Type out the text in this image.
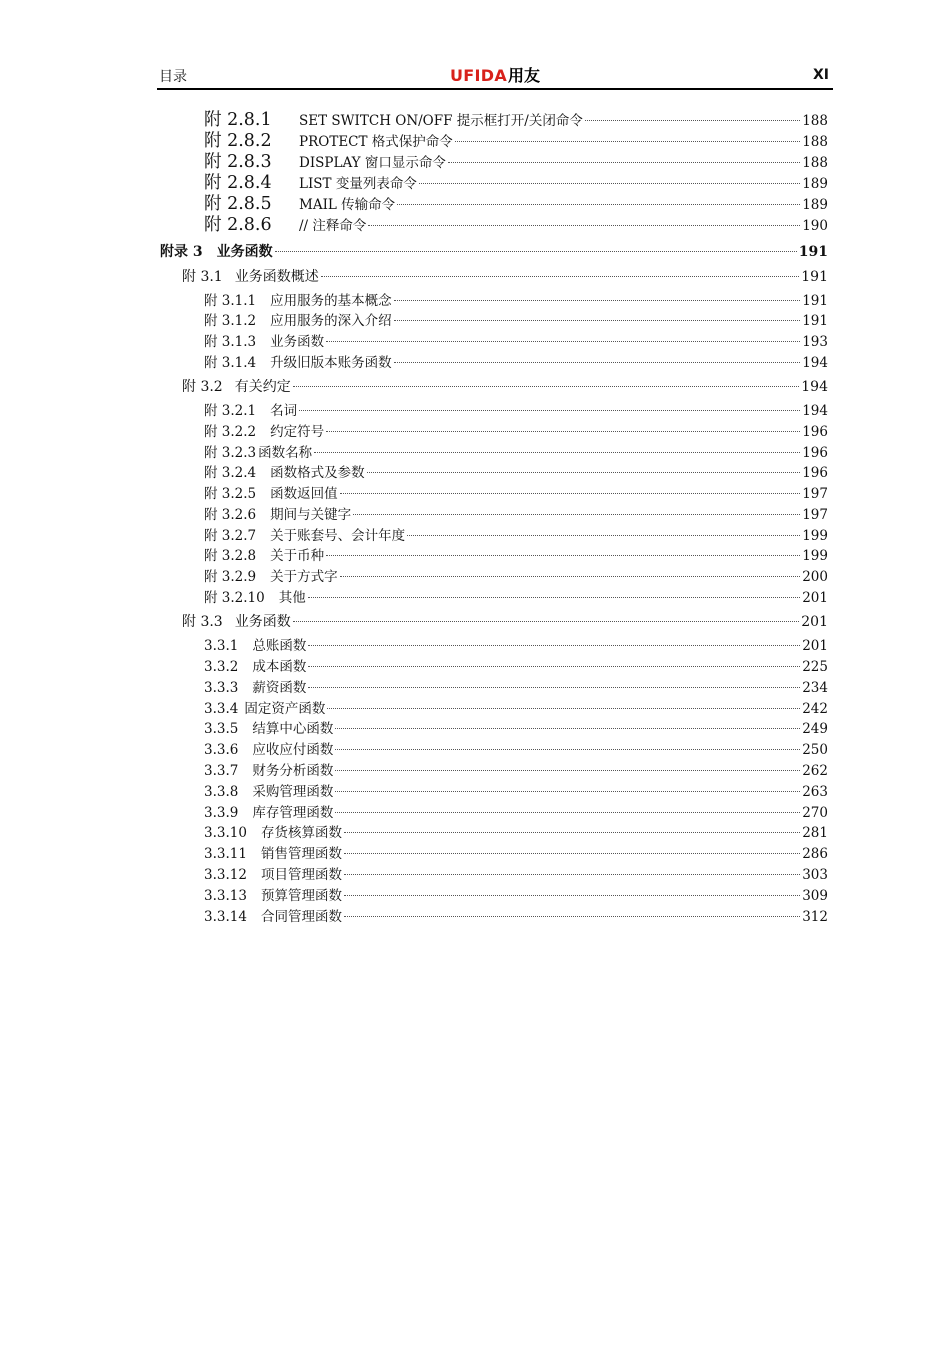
目录	UFIDA用友	XI
附 2.8.1	SET SWITCH ON/OFF 提示框打开/关闭命令	188
附 2.8.2	PROTECT 格式保护命令	188
附 2.8.3	DISPLAY 窗口显示命令	188
附 2.8.4	LIST 变量列表命令	189
附 2.8.5	MAIL 传输命令	189
附 2.8.6	// 注释命令	190
附录 3 业务函数	191
附 3.1 业务函数概述	191
附 3.1.1 应用服务的基本概念	191
附 3.1.2 应用服务的深入介绍	191
附 3.1.3 业务函数	193
附 3.1.4 升级旧版本账务函数	194
附 3.2 有关约定	194
附 3.2.1 名词	194
附 3.2.2 约定符号	196
附 3.2.3 函数名称	196
附 3.2.4 函数格式及参数	196
附 3.2.5 函数返回值	197
附 3.2.6 期间与关键字	197
附 3.2.7 关于账套号、会计年度	199
附 3.2.8 关于币种	199
附 3.2.9 关于方式字	200
附 3.2.10 其他	201
附 3.3 业务函数	201
3.3.1 总账函数	201
3.3.2 成本函数	225
3.3.3 薪资函数	234
3.3.4 固定资产函数	242
3.3.5 结算中心函数	249
3.3.6 应收应付函数	250
3.3.7 财务分析函数	262
3.3.8 采购管理函数	263
3.3.9 库存管理函数	270
3.3.10 存货核算函数	281
3.3.11 销售管理函数	286
3.3.12 项目管理函数	303
3.3.13 预算管理函数	309
3.3.14 合同管理函数	312
